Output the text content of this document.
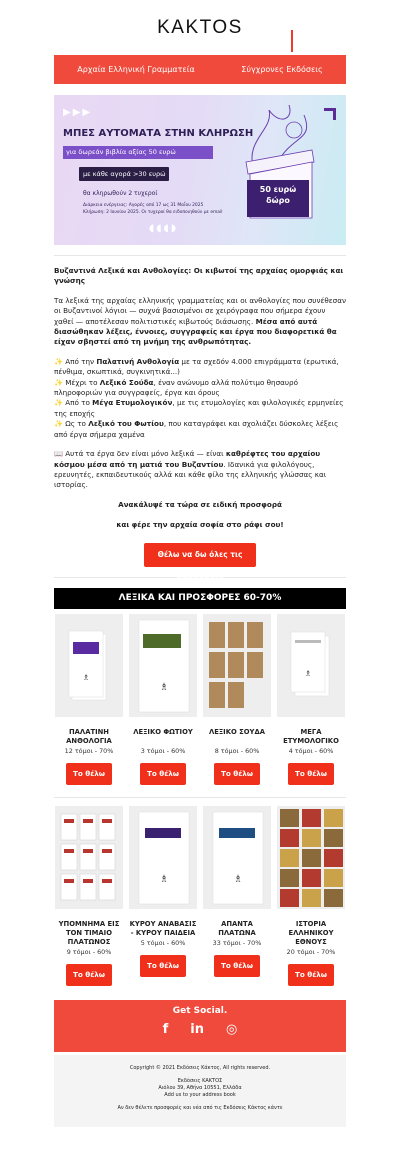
KAKTOS
Αρχαία Ελληνική Γραμματεία	Σύγχρονες Εκδόσεις
▶▶▶
ΜΠΕΣ ΑΥΤΟΜΑΤΑ ΣΤΗΝ ΚΛΗΡΩΣΗ
για δωρεάν βιβλία αξίας 50 ευρώ
με κάθε αγορά >30 ευρώ
θα κληρωθούν 2 τυχεροί
Διάρκεια ενέργειας: Αγορές από 17 ως 31 Μαΐου 2025
Κλήρωση: 2 Ιουνίου 2025. Οι τυχεροί θα ειδοποιηθούν με email
50 ευρώ
δώρο
◖◖◖◗

Βυζαντινά Λεξικά και Ανθολογίες: Οι κιβωτοί της αρχαίας ομορφιάς και γνώσης

Τα λεξικά της αρχαίας ελληνικής γραμματείας και οι ανθολογίες που συνέθεσαν οι Βυζαντινοί λόγιοι — συχνά βασισμένοι σε χειρόγραφα που σήμερα έχουν χαθεί — αποτέλεσαν πολιτιστικές κιβωτούς διάσωσης. Μέσα από αυτά διασώθηκαν λέξεις, έννοιες, συγγραφείς και έργα που διαφορετικά θα είχαν σβηστεί από τη μνήμη της ανθρωπότητας.

✨ Από την Παλατινή Ανθολογία με τα σχεδόν 4.000 επιγράμματα (ερωτικά, πένθιμα, σκωπτικά, συγκινητικά...)
✨ Μέχρι το Λεξικό Σούδα, έναν ανώνυμο αλλά πολύτιμο θησαυρό πληροφοριών για συγγραφείς, έργα και όρους
✨ Από το Μέγα Ετυμολογικόν, με τις ετυμολογίες και φιλολογικές ερμηνείες της εποχής
✨ Ως το Λεξικό του Φωτίου, που καταγράφει και σχολιάζει δύσκολες λέξεις από έργα σήμερα χαμένα

📖 Αυτά τα έργα δεν είναι μόνο λεξικά — είναι καθρέφτες του αρχαίου κόσμου μέσα από τη ματιά του Βυζαντίου. Ιδανικά για φιλολόγους, ερευνητές, εκπαιδευτικούς αλλά και κάθε φίλο της ελληνικής γλώσσας και ιστορίας.

Ανακάλυψέ τα τώρα σε ειδική προσφορά

και φέρε την αρχαία σοφία στο ράφι σου!

Θέλω να δω όλες τις προσφορές
ΛΕΞΙΚΑ ΚΑΙ ΠΡΟΣΦΟΡΕΣ 60-70%
♗
ΠΑΛΑΤΙΝΗ ΑΝΘΟΛΟΓΙΑ
12 τόμοι - 70%
Το θέλω
♗
ΛΕΞΙΚΟ ΦΩΤΙΟΥ
3 τόμοι - 60%
Το θέλω
ΛΕΞΙΚΟ ΣΟΥΔΑ
8 τόμοι - 60%
Το θέλω
♗
ΜΕΓΑ ΕΤΥΜΟΛΟΓΙΚΟ
4 τόμοι - 60%
Το θέλω
ΥΠΟΜΝΗΜΑ ΕΙΣ ΤΟΝ ΤΙΜΑΙΟ ΠΛΑΤΩΝΟΣ
9 τόμοι - 60%
Το θέλω
♗
ΚΥΡΟΥ ΑΝΑΒΑΣΙΣ - ΚΥΡΟΥ ΠΑΙΔΕΙΑ
5 τόμοι - 60%
Το θέλω
♗
ΑΠΑΝΤΑ ΠΛΑΤΩΝΑ
33 τόμοι - 70%
Το θέλω
ΙΣΤΟΡΙΑ ΕΛΛΗΝΙΚΟΥ ΕΘΝΟΥΣ
20 τόμοι - 70%
Το θέλω
Get Social.
f in ◎
Copyright © 2021 Εκδόσεις Κάκτος, All rights reserved.
Εκδόσεις ΚΑΚΤΟΣ
Αιόλου 39, Αθήνα 10551, Ελλάδα
Add us to your address book
Αν δεν θέλετε προσφορές και νέα από τις Εκδόσεις Κάκτος κάντε
